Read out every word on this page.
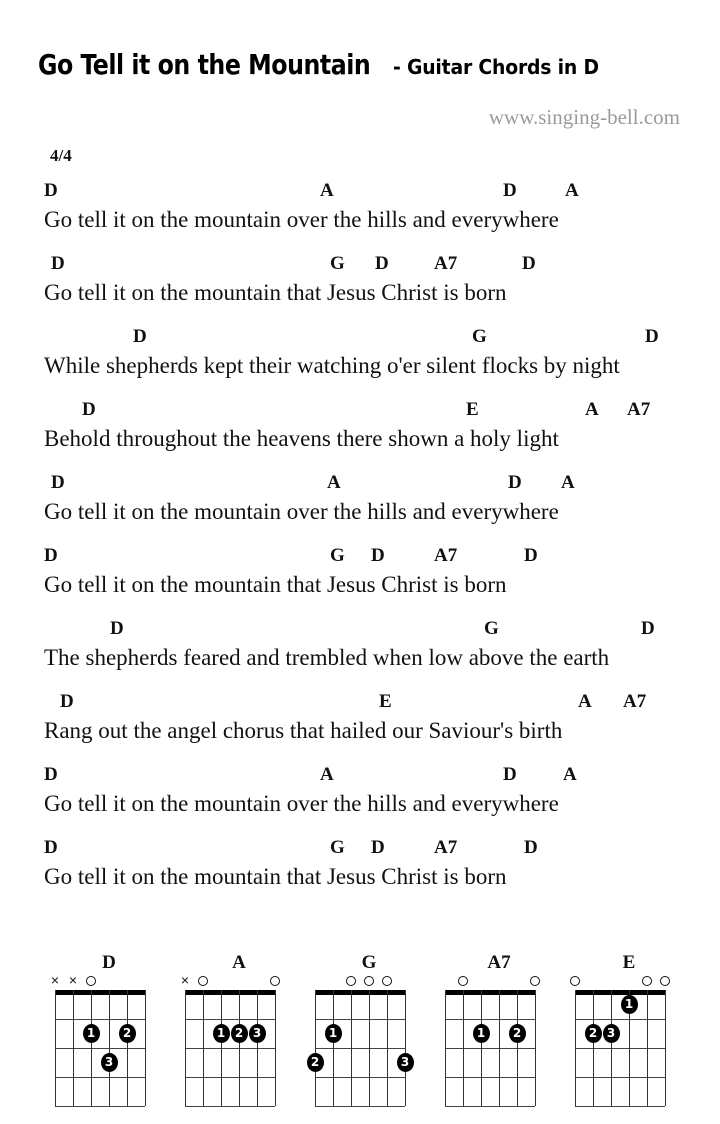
Go Tell it on the Mountain - Guitar Chords in D
www.singing-bell.com
4/4
D	A	D	A
Go tell it on the mountain over the hills and everywhere
D	G D A7	D
Go tell it on the mountain that Jesus Christ is born
D	G	D
While shepherds kept their watching o'er silent flocks by night
D	E	A A7
Behold throughout the heavens there shown a holy light
D	A	D A
Go tell it on the mountain over the hills and everywhere
D	G D	A7	D
Go tell it on the mountain that Jesus Christ is born
D	G	D
The shepherds feared and trembled when low above the earth
D	E	A A7
Rang out the angel chorus that hailed our Saviour's birth
D	A	D A
Go tell it on the mountain over the hills and everywhere
D	G D	A7	D
Go tell it on the mountain that Jesus Christ is born
D
× ×
1	2
3
A
×
1 2 3
G
1
2	3
A7
1	2
E
1
2 3
